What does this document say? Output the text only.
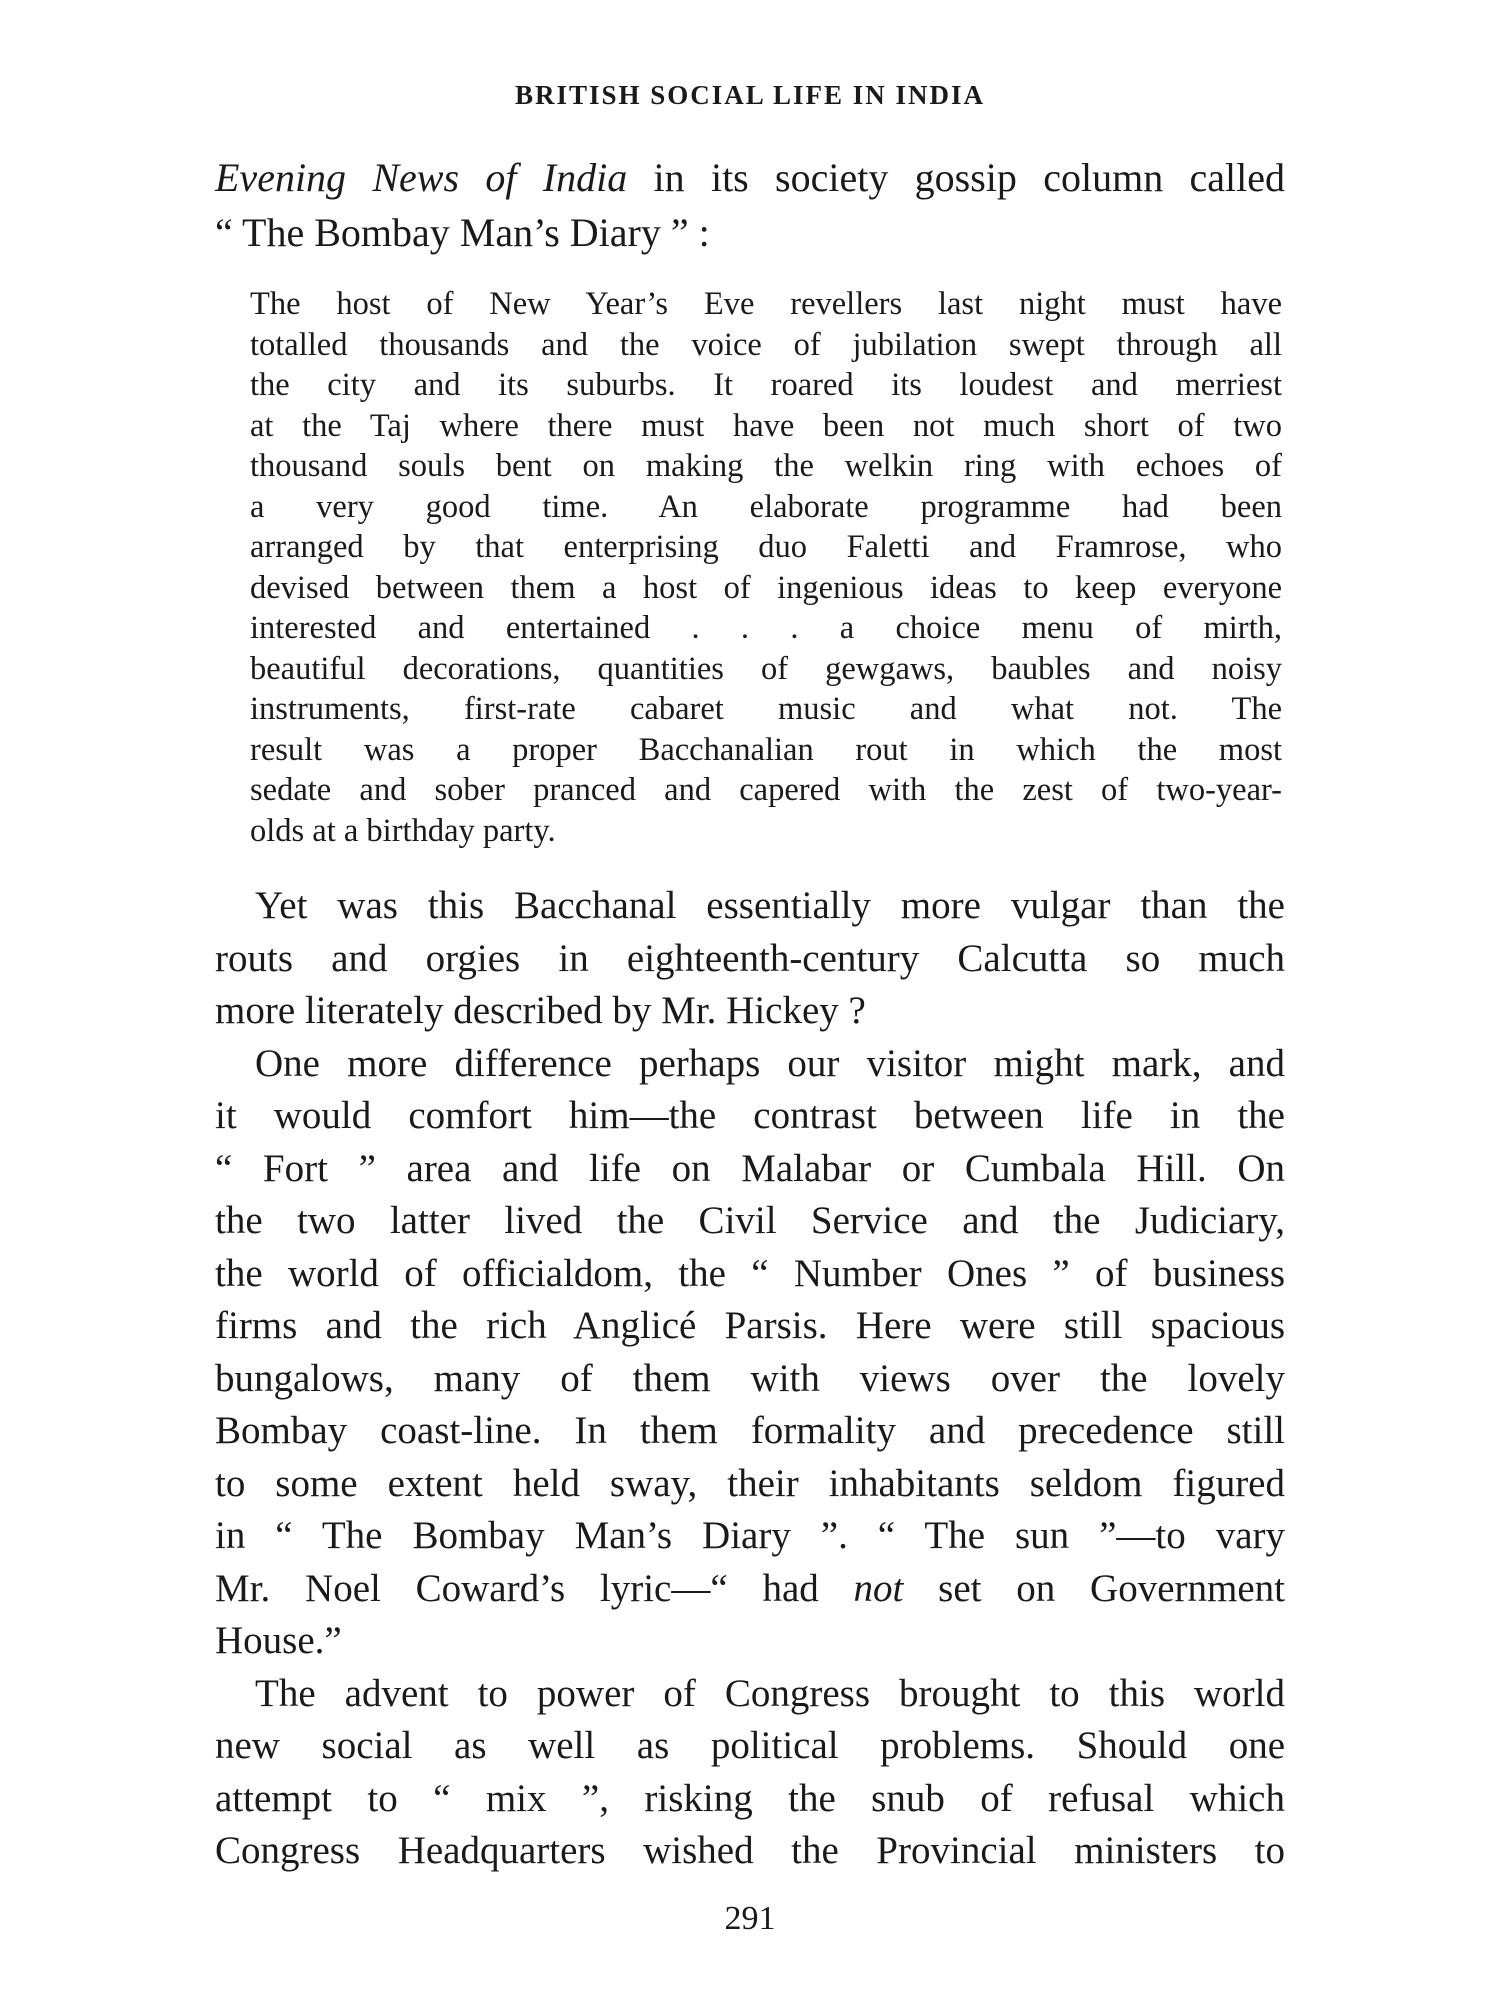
BRITISH SOCIAL LIFE IN INDIA
Evening News of India in its society gossip column called
“ The Bombay Man’s Diary ” :
The host of New Year’s Eve revellers last night must have
totalled thousands and the voice of jubilation swept through all
the city and its suburbs. It roared its loudest and merriest
at the Taj where there must have been not much short of two
thousand souls bent on making the welkin ring with echoes of
a very good time. An elaborate programme had been
arranged by that enterprising duo Faletti and Framrose, who
devised between them a host of ingenious ideas to keep everyone
interested and entertained . . . a choice menu of mirth,
beautiful decorations, quantities of gewgaws, baubles and noisy
instruments, first-rate cabaret music and what not. The
result was a proper Bacchanalian rout in which the most
sedate and sober pranced and capered with the zest of two-year-
olds at a birthday party.
Yet was this Bacchanal essentially more vulgar than the
routs and orgies in eighteenth-century Calcutta so much
more literately described by Mr. Hickey ?
One more difference perhaps our visitor might mark, and
it would comfort him—the contrast between life in the
“ Fort ” area and life on Malabar or Cumbala Hill. On
the two latter lived the Civil Service and the Judiciary,
the world of officialdom, the “ Number Ones ” of business
firms and the rich Anglicé Parsis. Here were still spacious
bungalows, many of them with views over the lovely
Bombay coast-line. In them formality and precedence still
to some extent held sway, their inhabitants seldom figured
in “ The Bombay Man’s Diary ”. “ The sun ”—to vary
Mr. Noel Coward’s lyric—“ had not set on Government
House.”
The advent to power of Congress brought to this world
new social as well as political problems. Should one
attempt to “ mix ”, risking the snub of refusal which
Congress Headquarters wished the Provincial ministers to
291
